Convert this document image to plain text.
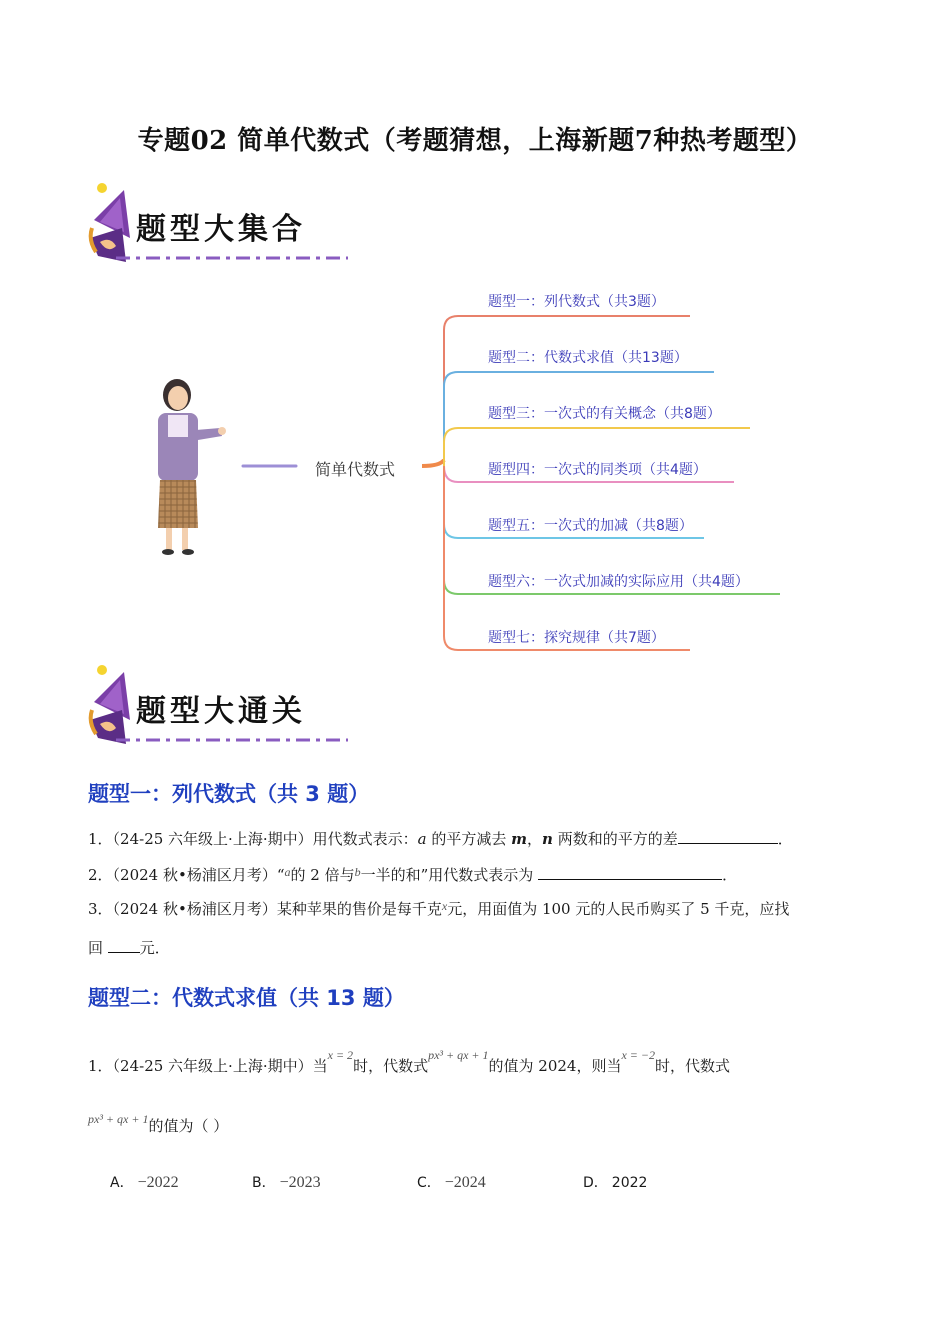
专题02 简单代数式（考题猜想，上海新题7种热考题型）
题型大集合
简单代数式
题型一：列代数式（共3题）
题型二：代数式求值（共13题）
题型三：一次式的有关概念（共8题）
题型四：一次式的同类项（共4题）
题型五：一次式的加减（共8题）
题型六：一次式加减的实际应用（共4题）
题型七：探究规律（共7题）
题型大通关
题型一：列代数式（共 3 题）
1．（24-25 六年级上·上海·期中）用代数式表示：a 的平方减去 m，n 两数和的平方的差	．
2．（2024 秋•杨浦区月考）“$^a$的 2 倍与$^b$一半的和”用代数式表示为	．
3．（2024 秋•杨浦区月考）某种苹果的售价是每千克$^x$元，用面值为 100 元的人民币购买了 5 千克，应找
回 元．
题型二：代数式求值（共 13 题）
1．（24-25 六年级上·上海·期中）当$^{x = 2}$时，代数式$^{px^3 + qx + 1}$的值为 2024，则当$^{x = -2}$时，代数式
$^{px^3 + qx + 1}$的值为（ ）
A． −2022	B． −2023	C． −2024	D． 2022
